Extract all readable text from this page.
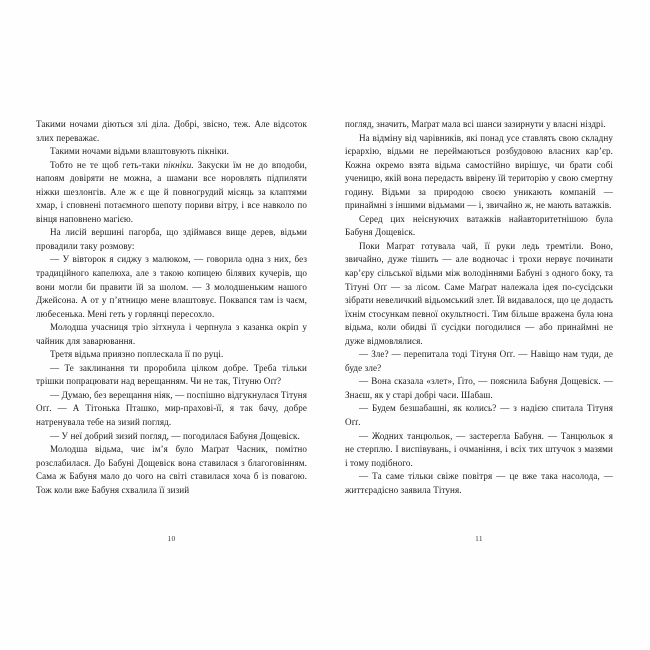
Такими ночами діються злі діла. Добрі, звісно, теж. Але відсоток злих переважає.

Такими ночами відьми влаштовують пікніки.

Тобто не те щоб геть-таки пікніки. Закуски їм не до вподоби, напоям довіряти не можна, а шамани все норовлять підпиляти ніжки шезлонгів. Але ж є ще й повногрудий місяць за клаптями хмар, і сповнені потаємного шепоту пориви вітру, і все навколо по вінця наповнено магією.

На лисій вершині пагорба, що здіймався вище дерев, відьми провадили таку розмову:

— У вівторок я сиджу з малюком, — говорила одна з них, без традиційного капелюха, але з такою копицею білявих кучерів, що вони могли би правити їй за шолом. — З молодшеньким нашого Джейсона. А от у п’ятницю мене влаштовує. Поквапся там із чаєм, любесенька. Мені геть у горлянці пересохло.

Молодша учасниця тріо зітхнула і черпнула з казанка окріп у чайник для заварювання.

Третя відьма приязно поплескала її по руці.

— Те заклинання ти проробила цілком добре. Треба тільки трішки попрацювати над верещанням. Чи не так, Тітуню Оґґ?

— Думаю, без верещання ніяк, — поспішно відгукнулася Тітуня Оґґ. — А Тітонька Пташко, мир-прахові-її, я так бачу, добре натренувала тебе на зизий погляд.

— У неї добрий зизий погляд, — погодилася Бабуня Дощевіск.

Молодша відьма, чиє ім’я було Маґрат Часник, помітно розслабилася. До Бабуні Дощевіск вона ставилася з благоговінням. Сама ж Бабуня мало до чого на світі ставилася хоча б із повагою. Тож коли вже Бабуня схвалила її зизий

10

погляд, значить, Маґрат мала всі шанси зазирнути у власні ніздрі.

На відміну від чарівників, які понад усе ставлять свою складну ієрархію, відьми не переймаються розбудовою власних кар’єр. Кожна окремо взята відьма самостійно вирішує, чи брати собі ученицю, якій вона передасть ввірену їй територію у свою смертну годину. Відьми за природою своєю уникають компаній — принаймні з іншими відьмами — і, звичайно ж, не мають ватажків.

Серед цих неіснуючих ватажків найавторитетнішою була Бабуня Дощевіск.

Поки Маґрат готувала чай, її руки ледь тремтіли. Воно, звичайно, дуже тішить — але водночас і трохи нервує починати кар’єру сільської відьми між володіннями Бабуні з одного боку, та Тітуні Оґґ — за лісом. Саме Маґрат належала ідея по-сусідськи зібрати невеличкий відьомський злет. Їй видавалося, що це додасть їхнім стосункам певної окультності. Тим більше вражена була юна відьма, коли обидві її сусідки погодилися — або принаймні не дуже відмовлялися.

— Зле? — перепитала тоді Тітуня Оґґ. — Навіщо нам туди, де буде зле?

— Вона сказала «злет», Ґіто, — пояснила Бабуня Дощевіск. — Знаєш, як у старі добрі часи. Шабаш.

— Будем безшабашні, як колись? — з надією спитала Тітуня Оґґ.

— Жодних танцюльок, — застерегла Бабуня. — Танцюльок я не стерплю. І виспівувань, і очманіння, і всіх тих штучок з мазями і тому подібного.

— Та саме тільки свіже повітря — це вже така насолода, — життєрадісно заявила Тітуня.

11
